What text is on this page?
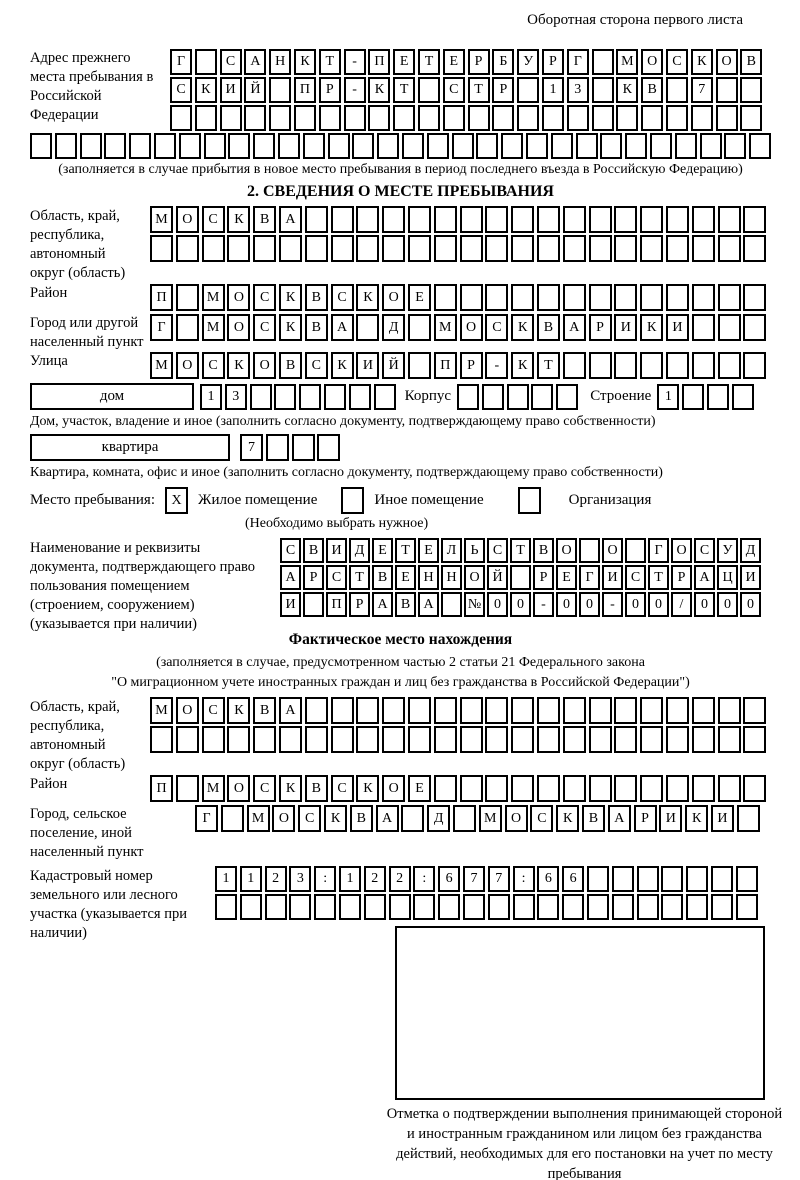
Оборотная сторона первого листа
Адрес прежнего места пребывания в Российской Федерации
Г	С	А	Н	К	Т	-	П	Е	Т	Е	Р	Б	У	Р	Г	М О	С	К	О	В
С	К	И	Й	П	Р	-	К	Т	С	Т	Р	1	3	К	В	7
(заполняется в случае прибытия в новое место пребывания в период последнего въезда в Российскую Федерацию)
2. СВЕДЕНИЯ О МЕСТЕ ПРЕБЫВАНИЯ
Область, край, республика, автономный округ (область)
М	О	С	К	В	А
Район	П	М	О	С	К	В	С	К	О	Е
Город или другой населенный пункт
Г	М	О	С	К	В	А	Д	М	О	С	К	В	А	Р	И	К	И
Улица	М	О	С	К	О	В	С	К	И	Й	П	Р	-	К	Т
дом	1	3	Корпус	Строение 1
Дом, участок, владение и иное (заполнить согласно документу, подтверждающему право собственности)
квартира	7
Квартира, комната, офис и иное (заполнить согласно документу, подтверждающему право собственности)
Место пребывания:	X	Жилое помещение	Иное помещение	Организация
(Необходимо выбрать нужное)
Наименование и реквизиты документа, подтверждающего право пользования помещением (строением, сооружением) (указывается при наличии)
С В И Д Е	Т	Е Л	Ь	С	Т	В О	О	Г О С У Д
А	Р	С	Т	В	Е Н Н О Й	Р	Е	Г И С	Т	Р	А Ц И
И	П	Р	А В А	№ 0	0	-	0	0	-	0	0	/	0	0	0
Фактическое место нахождения
(заполняется в случае, предусмотренном частью 2 статьи 21 Федерального закона
"О миграционном учете иностранных граждан и лиц без гражданства в Российской Федерации")
Область, край, республика, автономный округ (область)
М	О	С	К	В	А
Район	П	М	О	С	К	В	С	К	О	Е
Город, сельское поселение, иной населенный пункт
Г	М	О	С	К	В	А	Д	М	О	С	К	В	А	Р	И	К	И
Кадастровый номер земельного или лесного участка (указывается при наличии)
1	1	2	3	:	1	2	2	:	6	7	7	:	6	6
Отметка о подтверждении выполнения принимающей стороной и иностранным гражданином или лицом без гражданства действий, необходимых для его постановки на учет по месту пребывания
